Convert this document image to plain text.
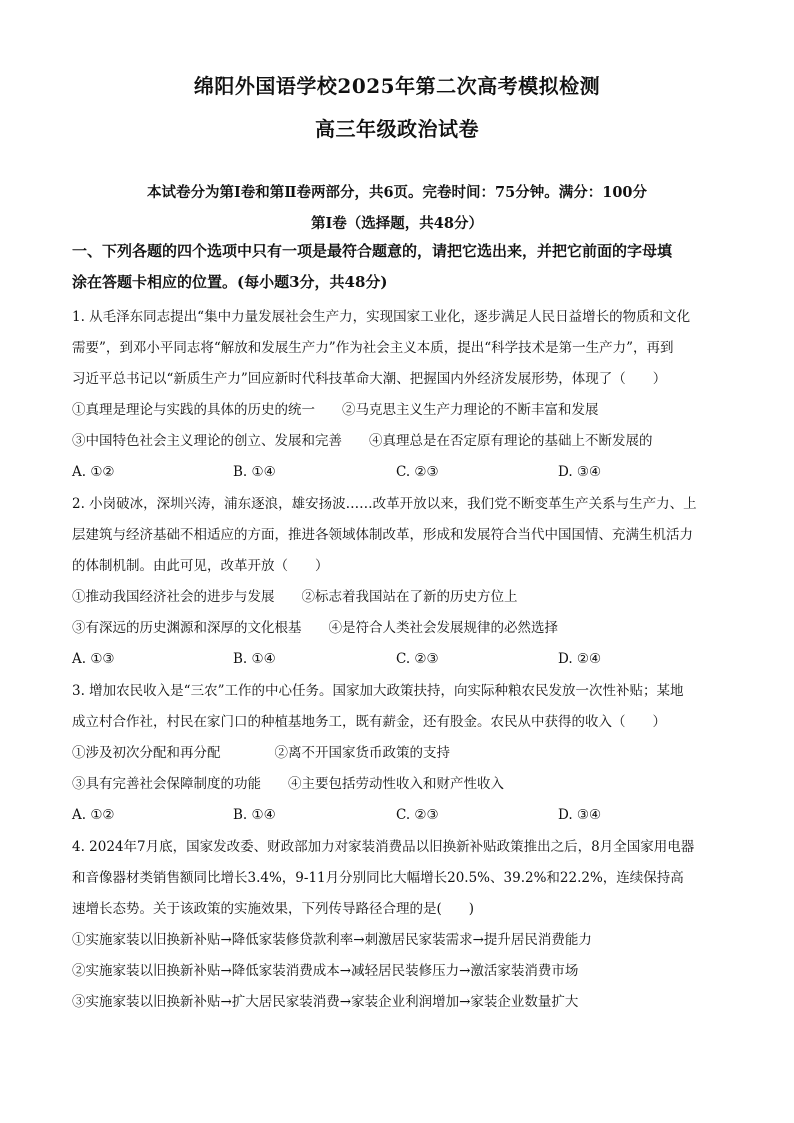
绵阳外国语学校2025年第二次高考模拟检测
高三年级政治试卷
本试卷分为第Ⅰ卷和第Ⅱ卷两部分，共6页。完卷时间：75分钟。满分：100分
第Ⅰ卷（选择题，共48分）
一、下列各题的四个选项中只有一项是最符合题意的，请把它选出来，并把它前面的字母填
涂在答题卡相应的位置。(每小题3分，共48分)
1. 从毛泽东同志提出“集中力量发展社会生产力，实现国家工业化，逐步满足人民日益增长的物质和文化
需要”，到邓小平同志将“解放和发展生产力”作为社会主义本质，提出“科学技术是第一生产力”，再到
习近平总书记以“新质生产力”回应新时代科技革命大潮、把握国内外经济发展形势，体现了（　　）
①真理是理论与实践的具体的历史的统一　　②马克思主义生产力理论的不断丰富和发展
③中国特色社会主义理论的创立、发展和完善　　④真理总是在否定原有理论的基础上不断发展的
A. ①②	B. ①④	C. ②③	D. ③④
2. 小岗破冰，深圳兴涛，浦东逐浪，雄安扬波……改革开放以来，我们党不断变革生产关系与生产力、上
层建筑与经济基础不相适应的方面，推进各领域体制改革，形成和发展符合当代中国国情、充满生机活力
的体制机制。由此可见，改革开放（　　）
①推动我国经济社会的进步与发展　　②标志着我国站在了新的历史方位上
③有深远的历史渊源和深厚的文化根基　　④是符合人类社会发展规律的必然选择
A. ①③	B. ①④	C. ②③	D. ②④
3. 增加农民收入是“三农”工作的中心任务。国家加大政策扶持，向实际种粮农民发放一次性补贴；某地
成立村合作社，村民在家门口的种植基地务工，既有薪金，还有股金。农民从中获得的收入（　　）
①涉及初次分配和再分配　　　　②离不开国家货币政策的支持
③具有完善社会保障制度的功能　　④主要包括劳动性收入和财产性收入
A. ①②	B. ①④	C. ②③	D. ③④
4. 2024年7月底，国家发改委、财政部加力对家装消费品以旧换新补贴政策推出之后，8月全国家用电器
和音像器材类销售额同比增长3.4%，9-11月分别同比大幅增长20.5%、39.2%和22.2%，连续保持高
速增长态势。关于该政策的实施效果，下列传导路径合理的是(　　)
①实施家装以旧换新补贴→降低家装修贷款利率→刺激居民家装需求→提升居民消费能力
②实施家装以旧换新补贴→降低家装消费成本→减轻居民装修压力→激活家装消费市场
③实施家装以旧换新补贴→扩大居民家装消费→家装企业利润增加→家装企业数量扩大
